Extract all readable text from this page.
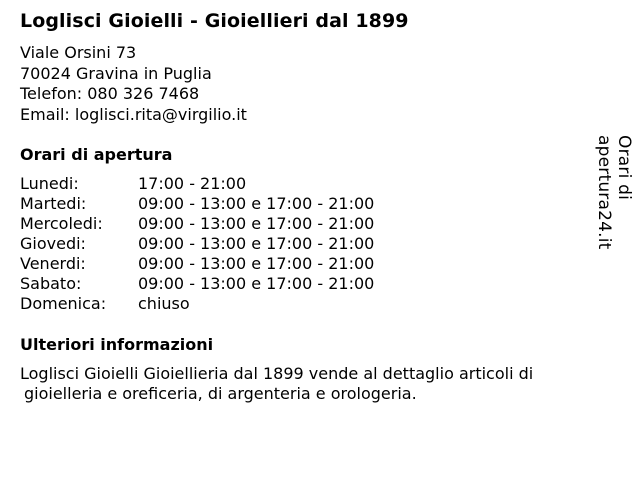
Loglisci Gioielli - Gioiellieri dal 1899
Viale Orsini 73
70024 Gravina in Puglia
Telefon: 080 326 7468
Email: loglisci.rita@virgilio.it
Orari di apertura
Lunedi:	17:00 - 21:00
Martedi:	09:00 - 13:00 e 17:00 - 21:00
Mercoledi: 09:00 - 13:00 e 17:00 - 21:00
Giovedi:	09:00 - 13:00 e 17:00 - 21:00
Venerdi:	09:00 - 13:00 e 17:00 - 21:00
Sabato:	09:00 - 13:00 e 17:00 - 21:00
Domenica: chiuso
Ulteriori informazioni
Loglisci Gioielli Gioiellieria dal 1899 vende al dettaglio articoli di
gioielleria e oreficeria, di argenteria e orologeria.
Orari di apertura24.it
